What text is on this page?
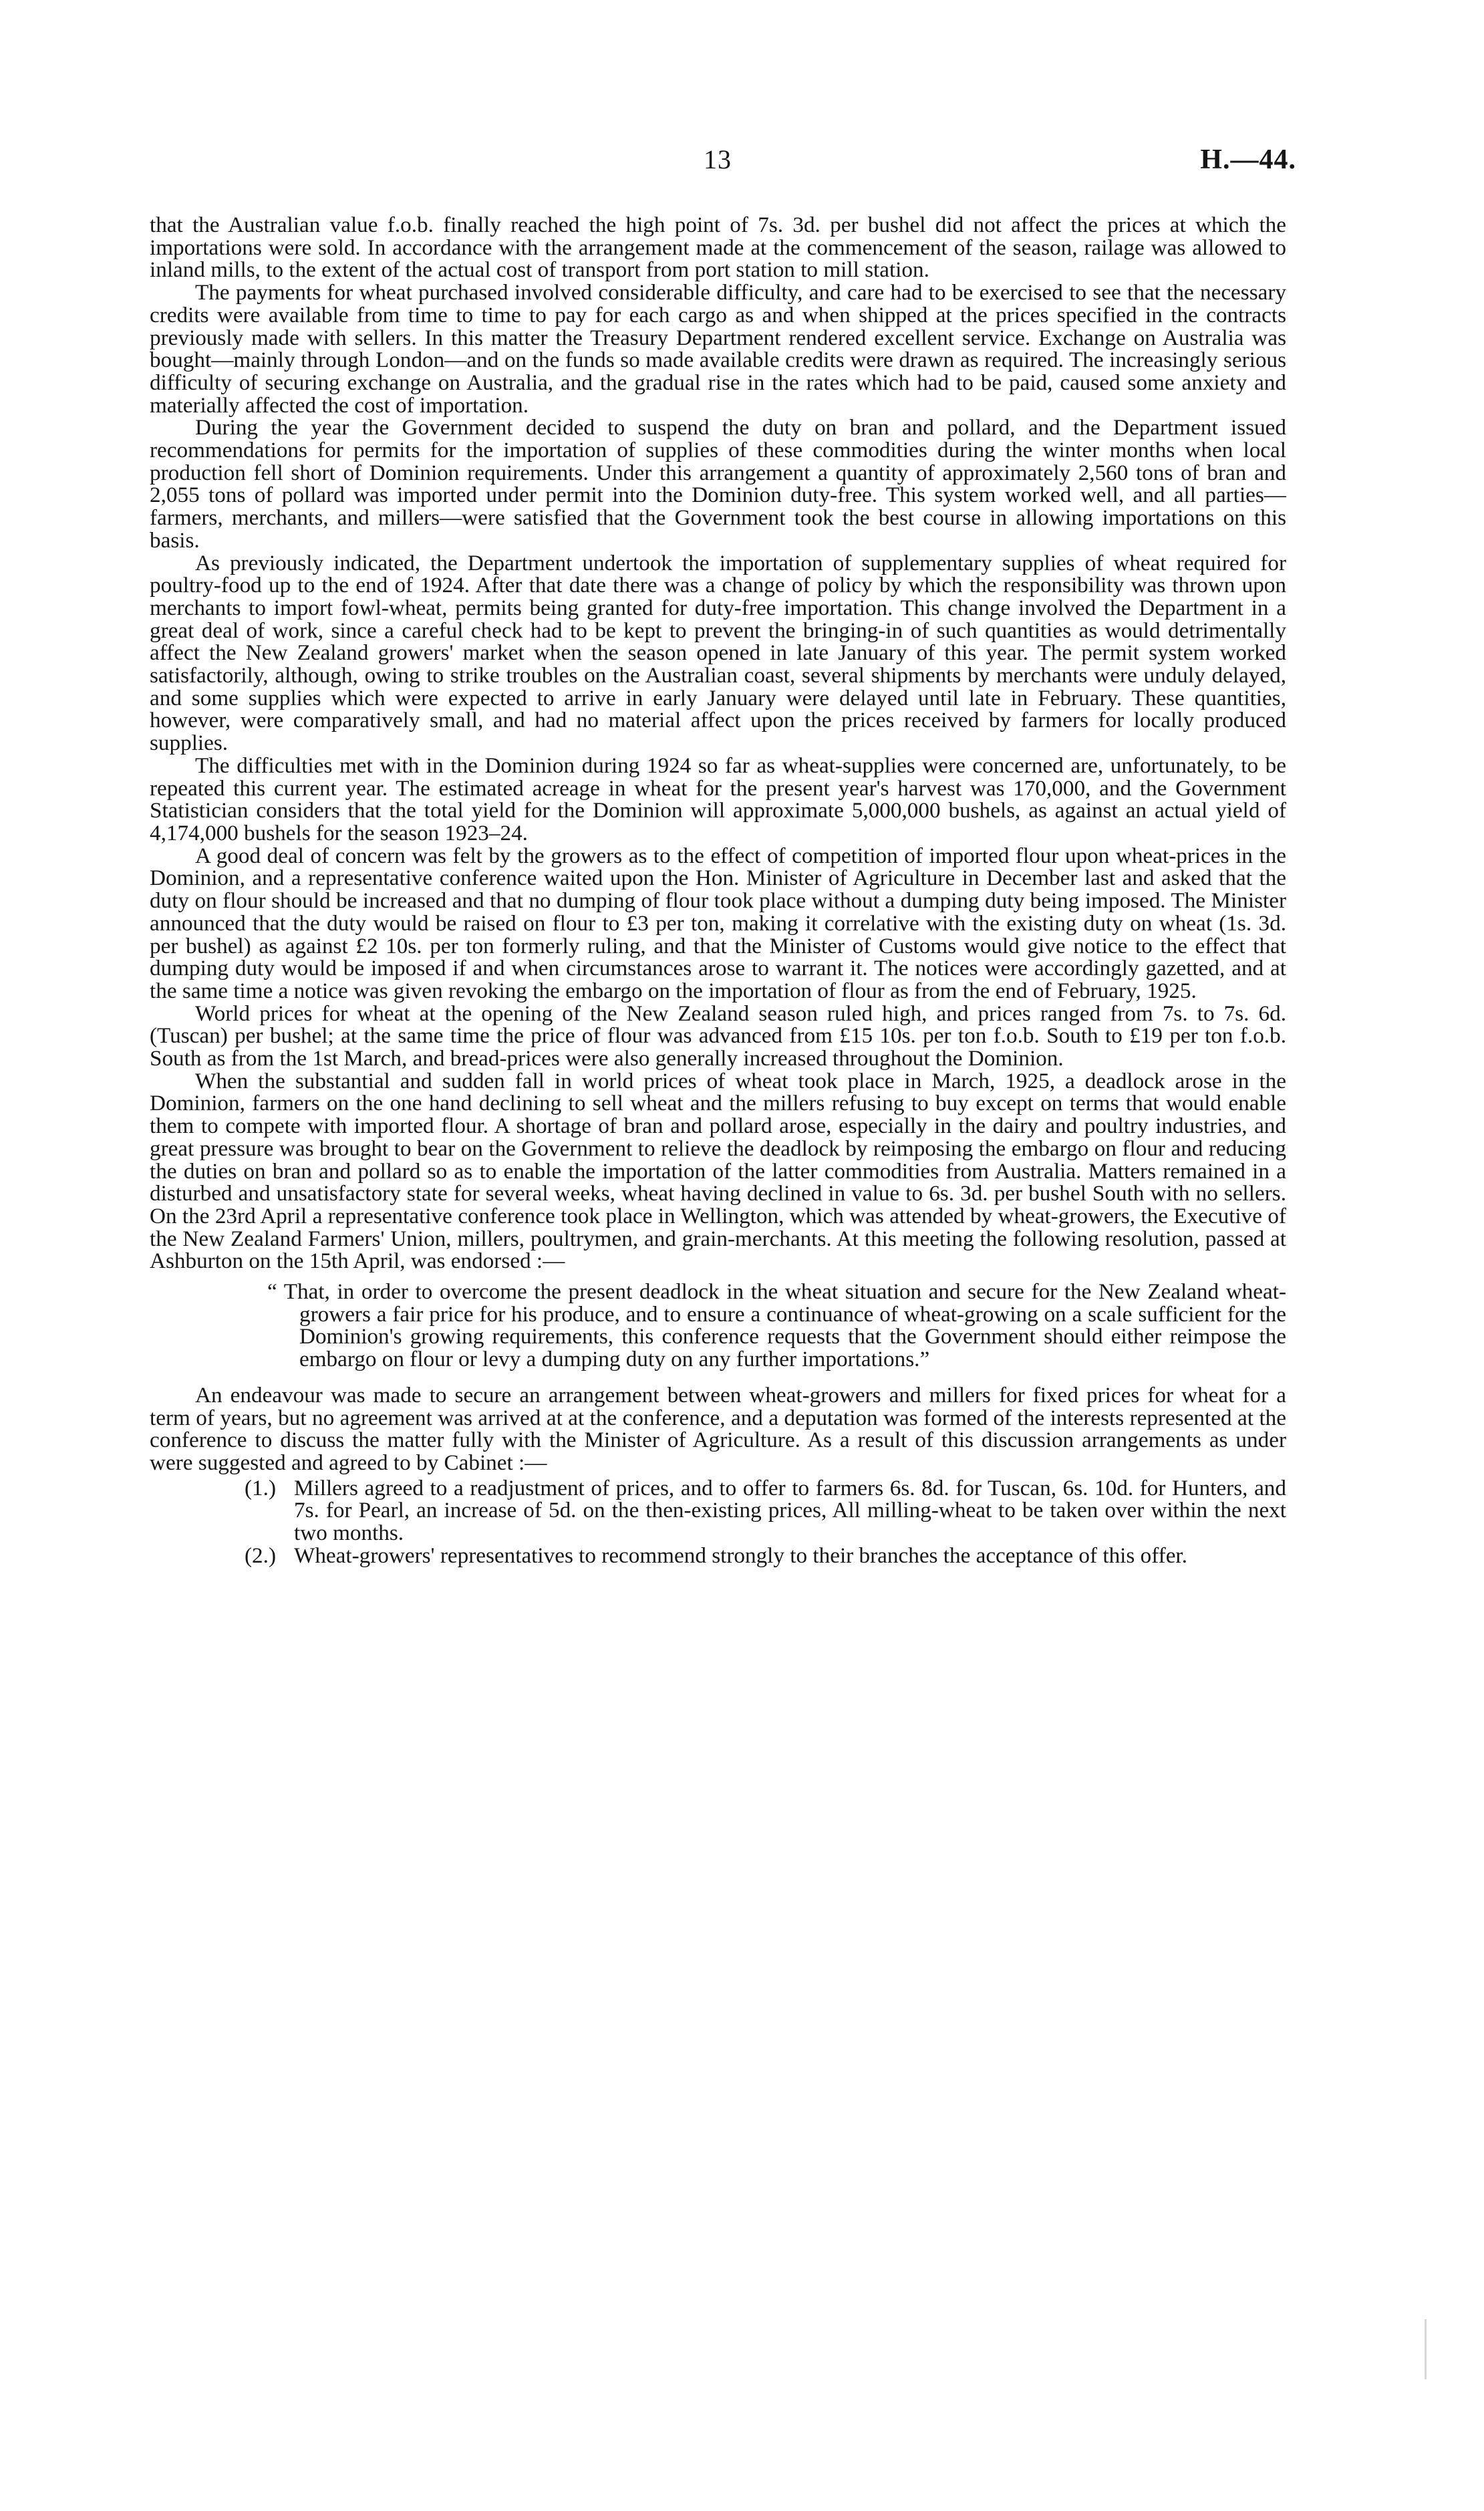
13	H.—44.

that the Australian value f.o.b. finally reached the high point of 7s. 3d. per bushel did not affect the prices at which the importations were sold. In accordance with the arrangement made at the commencement of the season, railage was allowed to inland mills, to the extent of the actual cost of transport from port station to mill station.

The payments for wheat purchased involved considerable difficulty, and care had to be exercised to see that the necessary credits were available from time to time to pay for each cargo as and when shipped at the prices specified in the contracts previously made with sellers. In this matter the Treasury Department rendered excellent service. Exchange on Australia was bought—mainly through London—and on the funds so made available credits were drawn as required. The increasingly serious difficulty of securing exchange on Australia, and the gradual rise in the rates which had to be paid, caused some anxiety and materially affected the cost of importation.

During the year the Government decided to suspend the duty on bran and pollard, and the Department issued recommendations for permits for the importation of supplies of these commodities during the winter months when local production fell short of Dominion requirements. Under this arrangement a quantity of approximately 2,560 tons of bran and 2,055 tons of pollard was imported under permit into the Dominion duty-free. This system worked well, and all parties—farmers, merchants, and millers—were satisfied that the Government took the best course in allowing importations on this basis.

As previously indicated, the Department undertook the importation of supplementary supplies of wheat required for poultry-food up to the end of 1924. After that date there was a change of policy by which the responsibility was thrown upon merchants to import fowl-wheat, permits being granted for duty-free importation. This change involved the Department in a great deal of work, since a careful check had to be kept to prevent the bringing-in of such quantities as would detrimentally affect the New Zealand growers' market when the season opened in late January of this year. The permit system worked satisfactorily, although, owing to strike troubles on the Australian coast, several shipments by merchants were unduly delayed, and some supplies which were expected to arrive in early January were delayed until late in February. These quantities, however, were comparatively small, and had no material affect upon the prices received by farmers for locally produced supplies.

The difficulties met with in the Dominion during 1924 so far as wheat-supplies were concerned are, unfortunately, to be repeated this current year. The estimated acreage in wheat for the present year's harvest was 170,000, and the Government Statistician considers that the total yield for the Dominion will approximate 5,000,000 bushels, as against an actual yield of 4,174,000 bushels for the season 1923–24.

A good deal of concern was felt by the growers as to the effect of competition of imported flour upon wheat-prices in the Dominion, and a representative conference waited upon the Hon. Minister of Agriculture in December last and asked that the duty on flour should be increased and that no dumping of flour took place without a dumping duty being imposed. The Minister announced that the duty would be raised on flour to £3 per ton, making it correlative with the existing duty on wheat (1s. 3d. per bushel) as against £2 10s. per ton formerly ruling, and that the Minister of Customs would give notice to the effect that dumping duty would be imposed if and when circumstances arose to warrant it. The notices were accordingly gazetted, and at the same time a notice was given revoking the embargo on the importation of flour as from the end of February, 1925.

World prices for wheat at the opening of the New Zealand season ruled high, and prices ranged from 7s. to 7s. 6d. (Tuscan) per bushel; at the same time the price of flour was advanced from £15 10s. per ton f.o.b. South to £19 per ton f.o.b. South as from the 1st March, and bread-prices were also generally increased throughout the Dominion.

When the substantial and sudden fall in world prices of wheat took place in March, 1925, a deadlock arose in the Dominion, farmers on the one hand declining to sell wheat and the millers refusing to buy except on terms that would enable them to compete with imported flour. A shortage of bran and pollard arose, especially in the dairy and poultry industries, and great pressure was brought to bear on the Government to relieve the deadlock by reimposing the embargo on flour and reducing the duties on bran and pollard so as to enable the importation of the latter commodities from Australia. Matters remained in a disturbed and unsatisfactory state for several weeks, wheat having declined in value to 6s. 3d. per bushel South with no sellers. On the 23rd April a representative conference took place in Wellington, which was attended by wheat-growers, the Executive of the New Zealand Farmers' Union, millers, poultrymen, and grain-merchants. At this meeting the following resolution, passed at Ashburton on the 15th April, was endorsed :—

“ That, in order to overcome the present deadlock in the wheat situation and secure for the New Zealand wheat-growers a fair price for his produce, and to ensure a continuance of wheat-growing on a scale sufficient for the Dominion's growing requirements, this conference requests that the Government should either reimpose the embargo on flour or levy a dumping duty on any further importations.”

An endeavour was made to secure an arrangement between wheat-growers and millers for fixed prices for wheat for a term of years, but no agreement was arrived at at the conference, and a deputation was formed of the interests represented at the conference to discuss the matter fully with the Minister of Agriculture. As a result of this discussion arrangements as under were suggested and agreed to by Cabinet :—

(1.) Millers agreed to a readjustment of prices, and to offer to farmers 6s. 8d. for Tuscan, 6s. 10d. for Hunters, and 7s. for Pearl, an increase of 5d. on the then-existing prices, All milling-wheat to be taken over within the next two months.
(2.) Wheat-growers' representatives to recommend strongly to their branches the acceptance of this offer.
